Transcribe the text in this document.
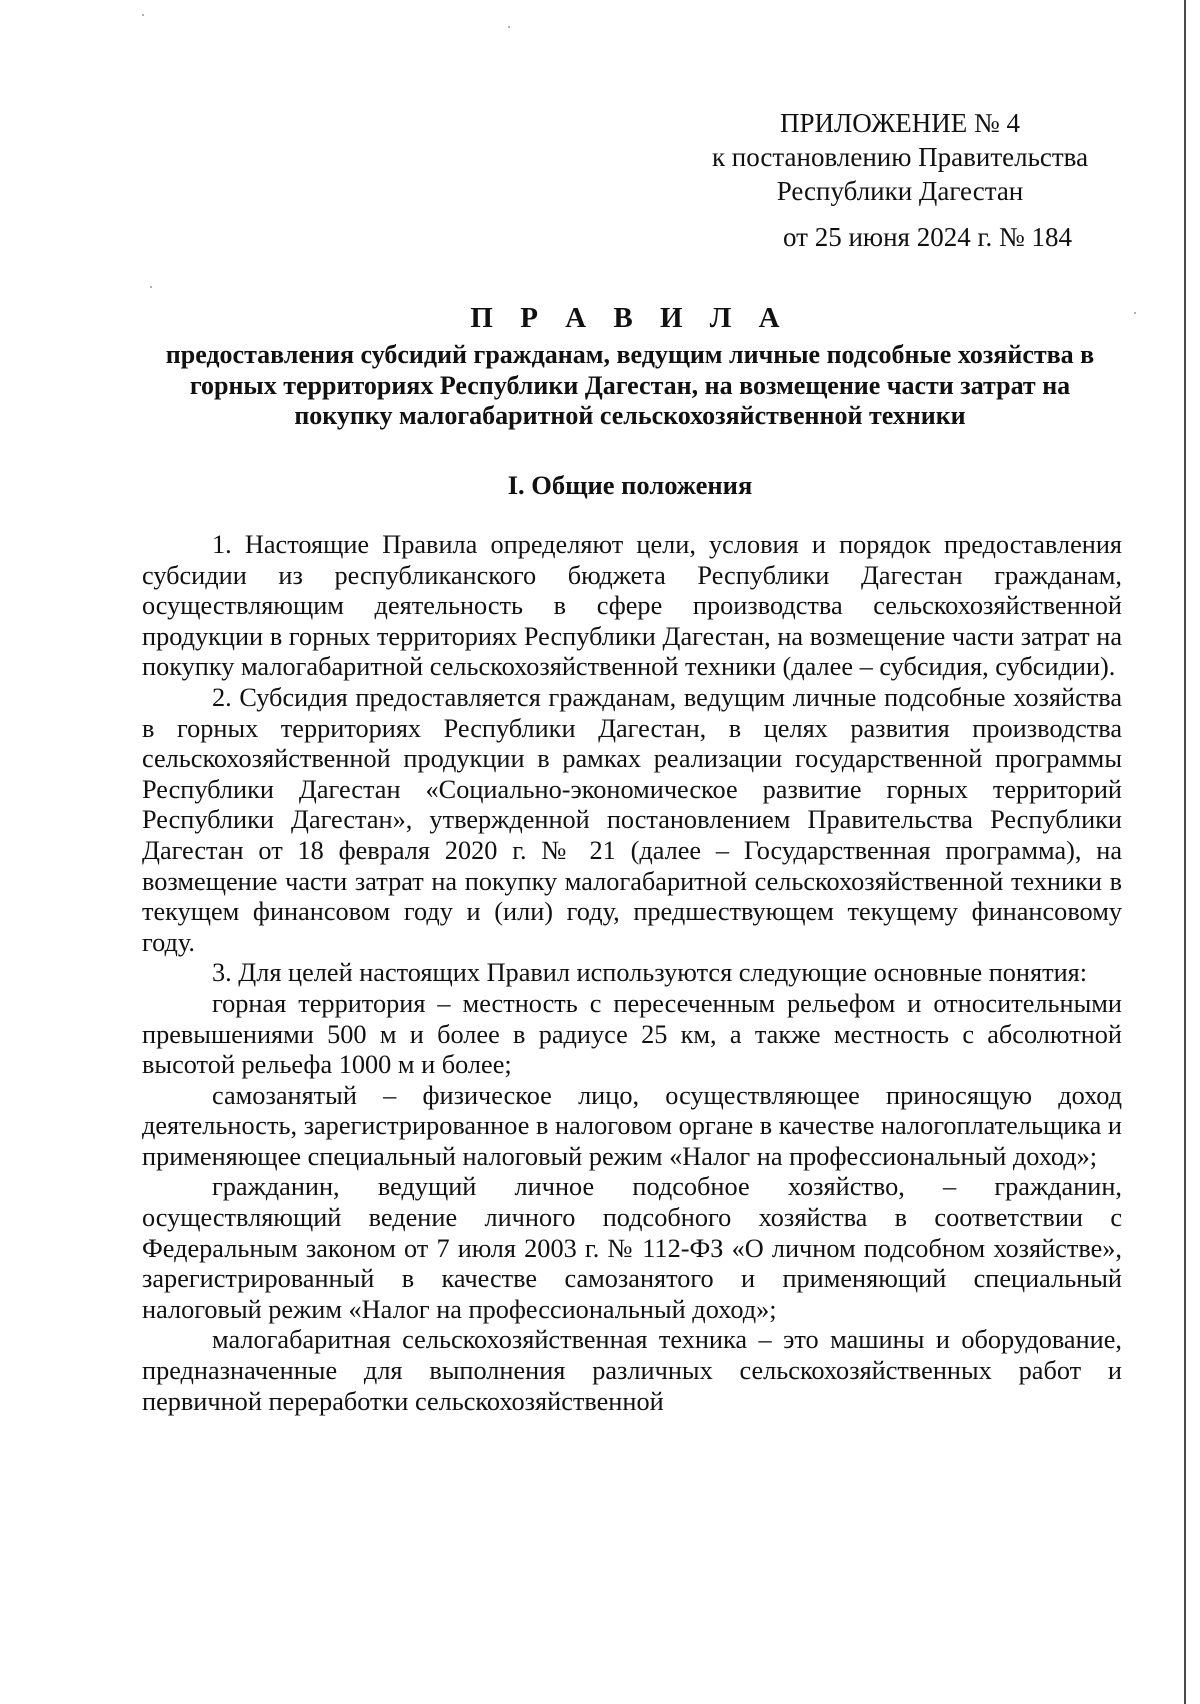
ПРИЛОЖЕНИЕ № 4
к постановлению Правительства
Республики Дагестан
от 25 июня 2024 г. № 184
П Р А В И Л А
предоставления субсидий гражданам, ведущим личные подсобные хозяйства в горных территориях Республики Дагестан, на возмещение части затрат на покупку малогабаритной сельскохозяйственной техники
I. Общие положения

1. Настоящие Правила определяют цели, условия и порядок предоставления субсидии из республиканского бюджета Республики Дагестан гражданам, осуществляющим деятельность в сфере производства сельскохозяйственной продукции в горных территориях Республики Дагестан, на возмещение части затрат на покупку малогабаритной сельскохозяйственной техники (далее – субсидия, субсидии).

2. Субсидия предоставляется гражданам, ведущим личные подсобные хозяйства в горных территориях Республики Дагестан, в целях развития производства сельскохозяйственной продукции в рамках реализации государственной программы Республики Дагестан «Социально-экономическое развитие горных территорий Республики Дагестан», утвержденной постановлением Правительства Республики Дагестан от 18 февраля 2020 г. № 21 (далее – Государственная программа), на возмещение части затрат на покупку малогабаритной сельскохозяйственной техники в текущем финансовом году и (или) году, предшествующем текущему финансовому году.

3. Для целей настоящих Правил используются следующие основные понятия:

горная территория – местность с пересеченным рельефом и относительными превышениями 500 м и более в радиусе 25 км, а также местность с абсолютной высотой рельефа 1000 м и более;

самозанятый – физическое лицо, осуществляющее приносящую доход деятельность, зарегистрированное в налоговом органе в качестве налогоплательщика и применяющее специальный налоговый режим «Налог на профессиональный доход»;

гражданин, ведущий личное подсобное хозяйство, – гражданин, осуществляющий ведение личного подсобного хозяйства в соответствии с Федеральным законом от 7 июля 2003 г. № 112-ФЗ «О личном подсобном хозяйстве», зарегистрированный в качестве самозанятого и применяющий специальный налоговый режим «Налог на профессиональный доход»;

малогабаритная сельскохозяйственная техника – это машины и оборудование, предназначенные для выполнения различных сельскохозяйственных работ и первичной переработки сельскохозяйственной
